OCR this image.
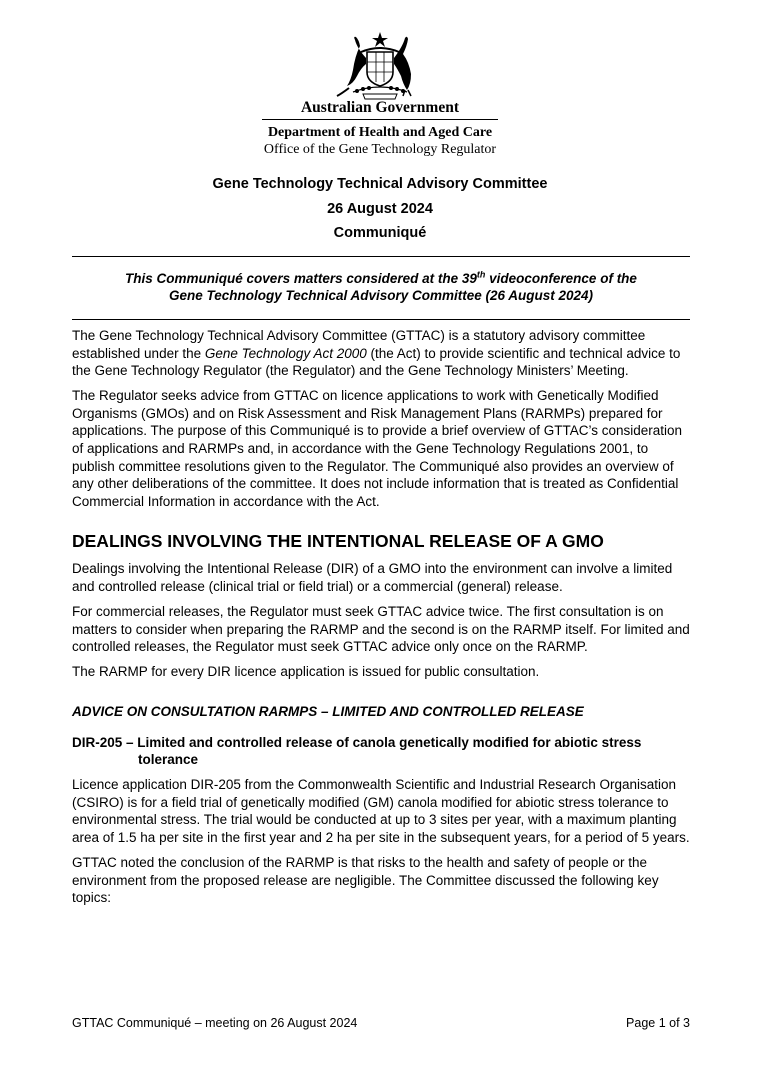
Australian Government
Department of Health and Aged Care
Office of the Gene Technology Regulator
Gene Technology Technical Advisory Committee
26 August 2024
Communiqué
This Communiqué covers matters considered at the 39th videoconference of the
Gene Technology Technical Advisory Committee (26 August 2024)

The Gene Technology Technical Advisory Committee (GTTAC) is a statutory advisory committee established under the Gene Technology Act 2000 (the Act) to provide scientific and technical advice to the Gene Technology Regulator (the Regulator) and the Gene Technology Ministers’ Meeting.

The Regulator seeks advice from GTTAC on licence applications to work with Genetically Modified Organisms (GMOs) and on Risk Assessment and Risk Management Plans (RARMPs) prepared for applications. The purpose of this Communiqué is to provide a brief overview of GTTAC’s consideration of applications and RARMPs and, in accordance with the Gene Technology Regulations 2001, to publish committee resolutions given to the Regulator. The Communiqué also provides an overview of any other deliberations of the committee. It does not include information that is treated as Confidential Commercial Information in accordance with the Act.

DEALINGS INVOLVING THE INTENTIONAL RELEASE OF A GMO

Dealings involving the Intentional Release (DIR) of a GMO into the environment can involve a limited and controlled release (clinical trial or field trial) or a commercial (general) release.

For commercial releases, the Regulator must seek GTTAC advice twice. The first consultation is on matters to consider when preparing the RARMP and the second is on the RARMP itself. For limited and controlled releases, the Regulator must seek GTTAC advice only once on the RARMP.

The RARMP for every DIR licence application is issued for public consultation.

ADVICE ON CONSULTATION RARMPS – LIMITED AND CONTROLLED RELEASE

DIR-205 – Limited and controlled release of canola genetically modified for abiotic stress tolerance

Licence application DIR-205 from the Commonwealth Scientific and Industrial Research Organisation (CSIRO) is for a field trial of genetically modified (GM) canola modified for abiotic stress tolerance to environmental stress. The trial would be conducted at up to 3 sites per year, with a maximum planting area of 1.5 ha per site in the first year and 2 ha per site in the subsequent years, for a period of 5 years.

GTTAC noted the conclusion of the RARMP is that risks to the health and safety of people or the environment from the proposed release are negligible. The Committee discussed the following key topics:

GTTAC Communiqué – meeting on 26 August 2024	Page 1 of 3
